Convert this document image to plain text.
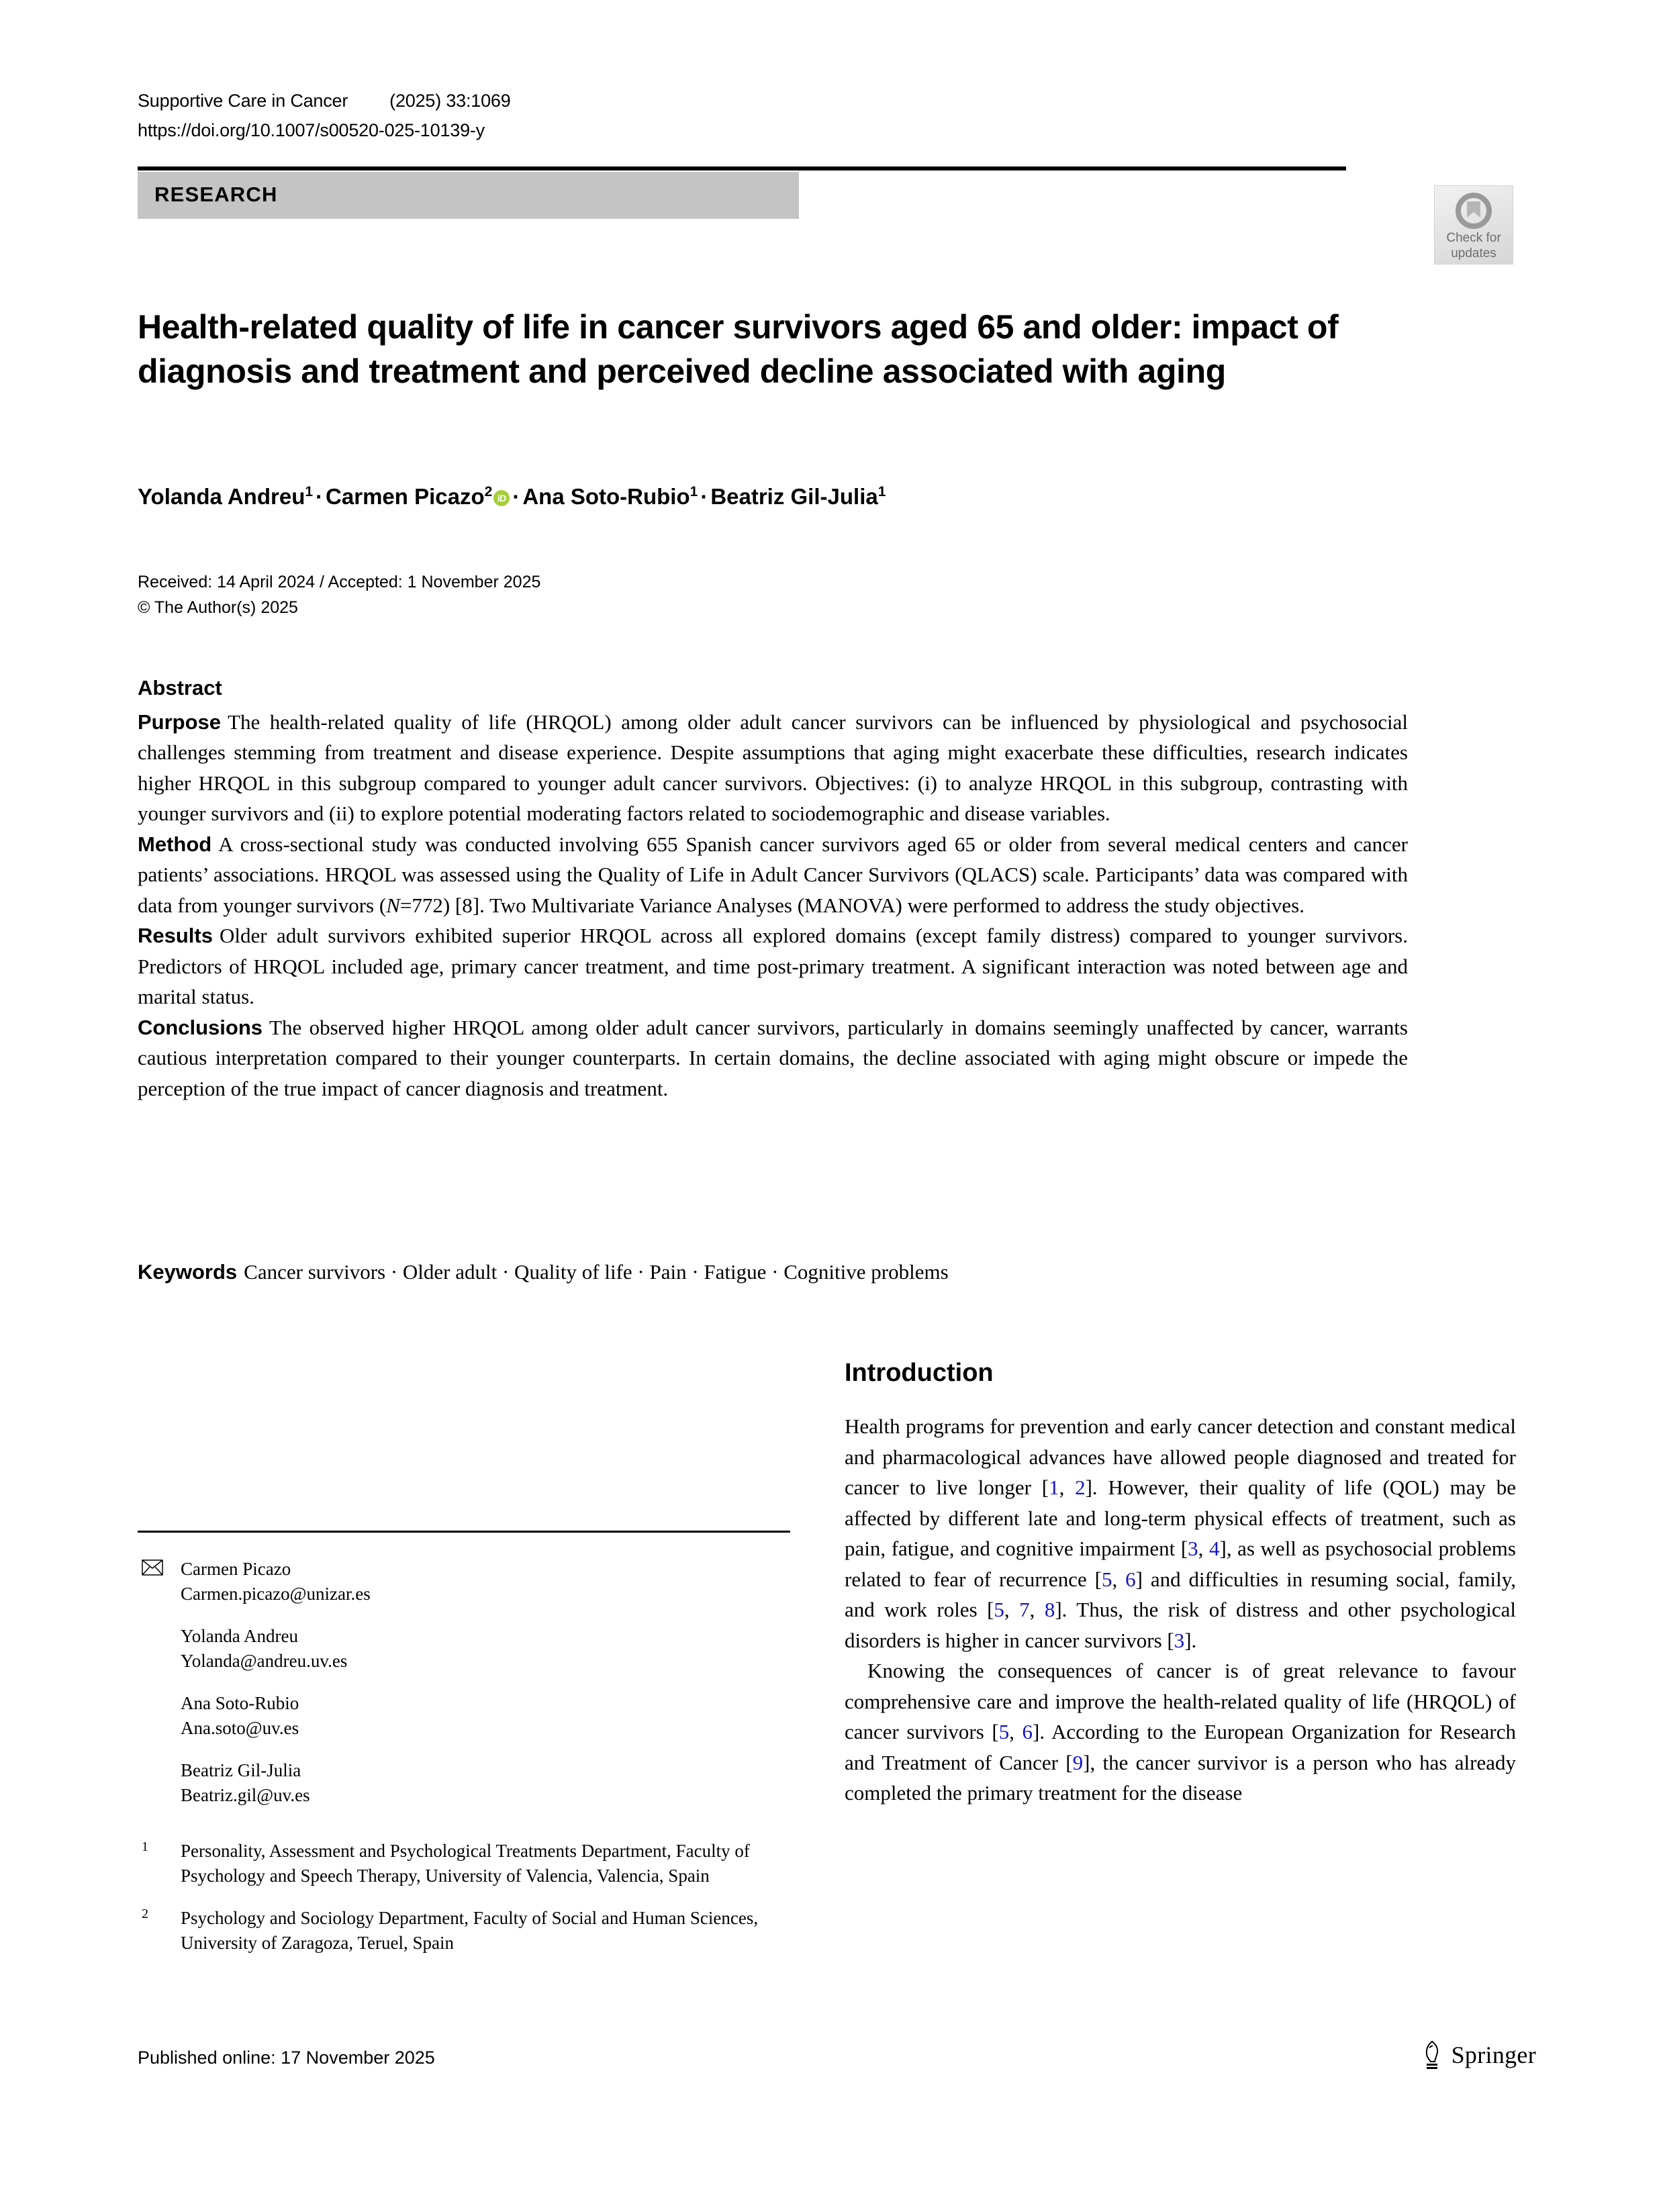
Supportive Care in Cancer (2025) 33:1069
https://doi.org/10.1007/s00520-025-10139-y
RESEARCH
Check for
updates
Health-related quality of life in cancer survivors aged 65 and older: impact of diagnosis and treatment and perceived decline associated with aging
Yolanda Andreu$^1$ · Carmen Picazo$^2$ iD · Ana Soto-Rubio$^1$ · Beatriz Gil-Julia$^1$
Received: 14 April 2024 / Accepted: 1 November 2025
© The Author(s) 2025
Abstract

Purpose The health-related quality of life (HRQOL) among older adult cancer survivors can be influenced by physiological and psychosocial challenges stemming from treatment and disease experience. Despite assumptions that aging might exacerbate these difficulties, research indicates higher HRQOL in this subgroup compared to younger adult cancer survivors. Objectives: (i) to analyze HRQOL in this subgroup, contrasting with younger survivors and (ii) to explore potential moderating factors related to sociodemographic and disease variables.

Method A cross-sectional study was conducted involving 655 Spanish cancer survivors aged 65 or older from several medical centers and cancer patients’ associations. HRQOL was assessed using the Quality of Life in Adult Cancer Survivors (QLACS) scale. Participants’ data was compared with data from younger survivors (N=772) [8]. Two Multivariate Variance Analyses (MANOVA) were performed to address the study objectives.

Results Older adult survivors exhibited superior HRQOL across all explored domains (except family distress) compared to younger survivors. Predictors of HRQOL included age, primary cancer treatment, and time post-primary treatment. A significant interaction was noted between age and marital status.

Conclusions The observed higher HRQOL among older adult cancer survivors, particularly in domains seemingly unaffected by cancer, warrants cautious interpretation compared to their younger counterparts. In certain domains, the decline associated with aging might obscure or impede the perception of the true impact of cancer diagnosis and treatment.

Keywords Cancer survivors · Older adult · Quality of life · Pain · Fatigue · Cognitive problems
Carmen Picazo
Carmen.picazo@unizar.es
Yolanda Andreu
Yolanda@andreu.uv.es
Ana Soto-Rubio
Ana.soto@uv.es
Beatriz Gil-Julia
Beatriz.gil@uv.es
1 Personality, Assessment and Psychological Treatments Department, Faculty of Psychology and Speech Therapy, University of Valencia, Valencia, Spain
2 Psychology and Sociology Department, Faculty of Social and Human Sciences, University of Zaragoza, Teruel, Spain
Introduction

Health programs for prevention and early cancer detection and constant medical and pharmacological advances have allowed people diagnosed and treated for cancer to live longer [1, 2]. However, their quality of life (QOL) may be affected by different late and long-term physical effects of treatment, such as pain, fatigue, and cognitive impairment [3, 4], as well as psychosocial problems related to fear of recurrence [5, 6] and difficulties in resuming social, family, and work roles [5, 7, 8]. Thus, the risk of distress and other psychological disorders is higher in cancer survivors [3].

Knowing the consequences of cancer is of great relevance to favour comprehensive care and improve the health-related quality of life (HRQOL) of cancer survivors [5, 6]. According to the European Organization for Research and Treatment of Cancer [9], the cancer survivor is a person who has already completed the primary treatment for the disease

Published online: 17 November 2025	Springer
